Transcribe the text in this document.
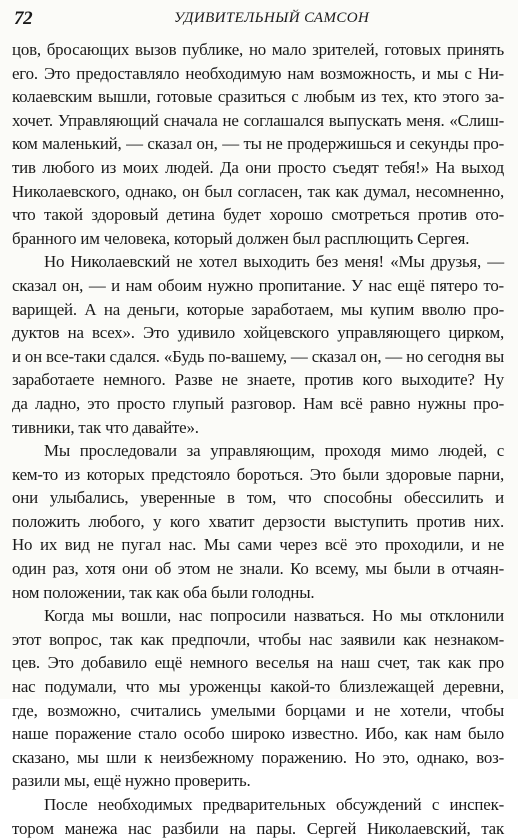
72	УДИВИТЕЛЬНЫЙ САМСОН
цов, бросающих вызов публике, но мало зрителей, готовых принять
его. Это предоставляло необходимую нам возможность, и мы с Ни-
колаевским вышли, готовые сразиться с любым из тех, кто этого за-
хочет. Управляющий сначала не соглашался выпускать меня. «Слиш-
ком маленький, — сказал он, — ты не продержишься и секунды про-
тив любого из моих людей. Да они просто съедят тебя!» На выход
Николаевского, однако, он был согласен, так как думал, несомненно,
что такой здоровый детина будет хорошо смотреться против ото-
бранного им человека, который должен был расплющить Сергея.
Но Николаевский не хотел выходить без меня! «Мы друзья, —
сказал он, — и нам обоим нужно пропитание. У нас ещё пятеро то-
варищей. А на деньги, которые заработаем, мы купим вволю про-
дуктов на всех». Это удивило хойцевского управляющего цирком,
и он все-таки сдался. «Будь по-вашему, — сказал он, — но сегодня вы
заработаете немного. Разве не знаете, против кого выходите? Ну
да ладно, это просто глупый разговор. Нам всё равно нужны про-
тивники, так что давайте».
Мы проследовали за управляющим, проходя мимо людей, с
кем-то из которых предстояло бороться. Это были здоровые парни,
они улыбались, уверенные в том, что способны обессилить и
положить любого, у кого хватит дерзости выступить против них.
Но их вид не пугал нас. Мы сами через всё это проходили, и не
один раз, хотя они об этом не знали. Ко всему, мы были в отчаян-
ном положении, так как оба были голодны.
Когда мы вошли, нас попросили назваться. Но мы отклонили
этот вопрос, так как предпочли, чтобы нас заявили как незнаком-
цев. Это добавило ещё немного веселья на наш счет, так как про
нас подумали, что мы уроженцы какой-то близлежащей деревни,
где, возможно, считались умелыми борцами и не хотели, чтобы
наше поражение стало особо широко известно. Ибо, как нам было
сказано, мы шли к неизбежному поражению. Но это, однако, воз-
разили мы, ещё нужно проверить.
После необходимых предварительных обсуждений с инспек-
тором манежа нас разбили на пары. Сергей Николаевский, так
